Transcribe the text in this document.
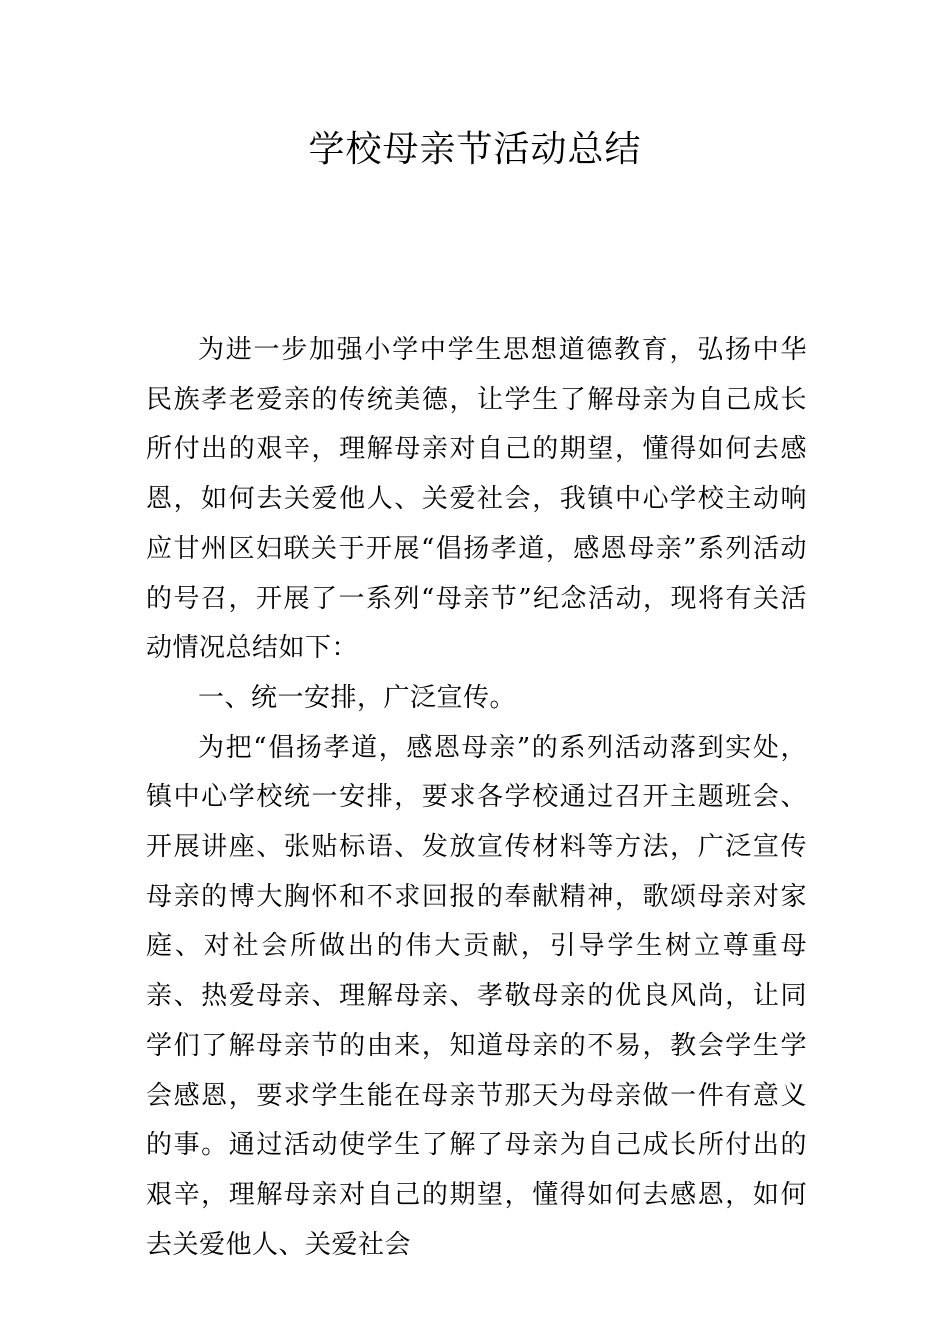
学校母亲节活动总结

为进一步加强小学中学生思想道德教育，弘扬中华民族孝老爱亲的传统美德，让学生了解母亲为自己成长所付出的艰辛，理解母亲对自己的期望，懂得如何去感恩，如何去关爱他人、关爱社会，我镇中心学校主动响应甘州区妇联关于开展“倡扬孝道，感恩母亲”系列活动的号召，开展了一系列“母亲节”纪念活动，现将有关活动情况总结如下：

一、统一安排，广泛宣传。

为把“倡扬孝道，感恩母亲”的系列活动落到实处，镇中心学校统一安排，要求各学校通过召开主题班会、开展讲座、张贴标语、发放宣传材料等方法，广泛宣传母亲的博大胸怀和不求回报的奉献精神，歌颂母亲对家庭、对社会所做出的伟大贡献，引导学生树立尊重母亲、热爱母亲、理解母亲、孝敬母亲的优良风尚，让同学们了解母亲节的由来，知道母亲的不易，教会学生学会感恩，要求学生能在母亲节那天为母亲做一件有意义的事。通过活动使学生了解了母亲为自己成长所付出的艰辛，理解母亲对自己的期望，懂得如何去感恩，如何去关爱他人、关爱社会
